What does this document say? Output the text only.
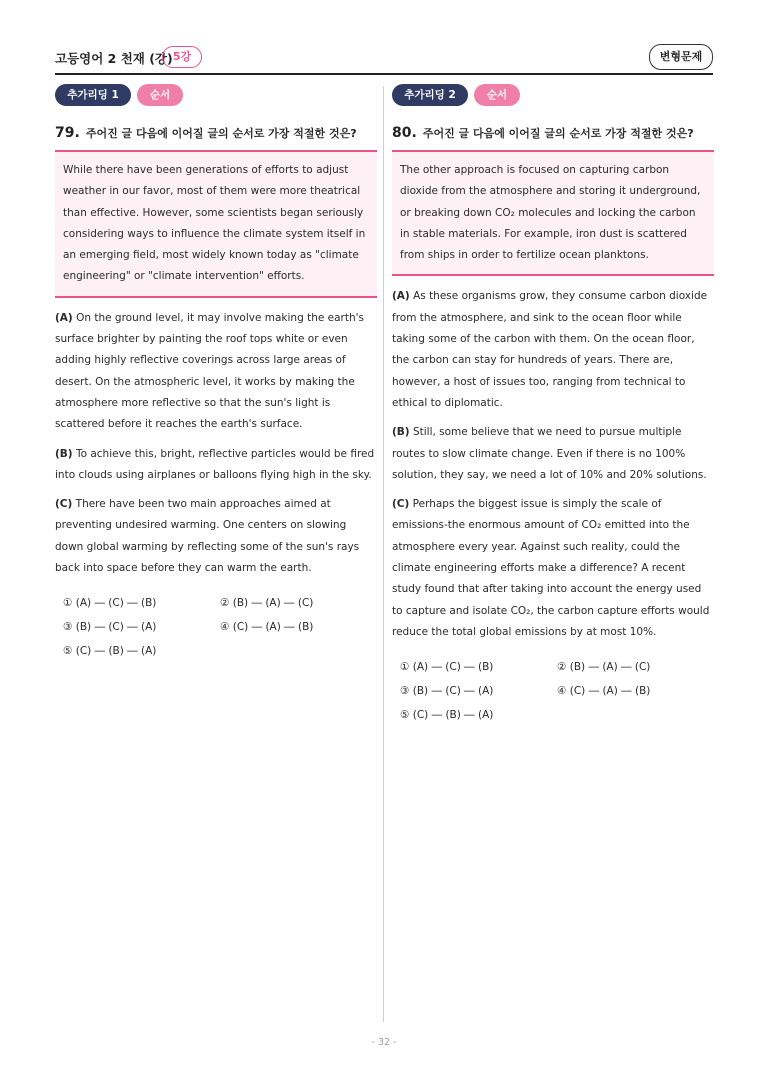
고등영어 2 천재 (강) 5강	변형문제
추가리딩 1	순서
79. 주어진 글 다음에 이어질 글의 순서로 가장 적절한 것은?
While there have been generations of efforts to adjust weather in our favor, most of them were more theatrical than effective. However, some scientists began seriously considering ways to influence the climate system itself in an emerging field, most widely known today as "climate engineering" or "climate intervention" efforts.
(A) On the ground level, it may involve making the earth's surface brighter by painting the roof tops white or even adding highly reflective coverings across large areas of desert. On the atmospheric level, it works by making the atmosphere more reflective so that the sun's light is scattered before it reaches the earth's surface.
(B) To achieve this, bright, reflective particles would be fired into clouds using airplanes or balloons flying high in the sky.
(C) There have been two main approaches aimed at preventing undesired warming. One centers on slowing down global warming by reflecting some of the sun's rays back into space before they can warm the earth.
① (A) ― (C) ― (B)	② (B) ― (A) ― (C)
③ (B) ― (C) ― (A)	④ (C) ― (A) ― (B)
⑤ (C) ― (B) ― (A)
추가리딩 2	순서
80. 주어진 글 다음에 이어질 글의 순서로 가장 적절한 것은?
The other approach is focused on capturing carbon dioxide from the atmosphere and storing it underground, or breaking down CO₂ molecules and locking the carbon in stable materials. For example, iron dust is scattered from ships in order to fertilize ocean planktons.
(A) As these organisms grow, they consume carbon dioxide from the atmosphere, and sink to the ocean floor while taking some of the carbon with them. On the ocean floor, the carbon can stay for hundreds of years. There are, however, a host of issues too, ranging from technical to ethical to diplomatic.
(B) Still, some believe that we need to pursue multiple routes to slow climate change. Even if there is no 100% solution, they say, we need a lot of 10% and 20% solutions.
(C) Perhaps the biggest issue is simply the scale of emissions-the enormous amount of CO₂ emitted into the atmosphere every year. Against such reality, could the climate engineering efforts make a difference? A recent study found that after taking into account the energy used to capture and isolate CO₂, the carbon capture efforts would reduce the total global emissions by at most 10%.
① (A) ― (C) ― (B)	② (B) ― (A) ― (C)
③ (B) ― (C) ― (A)	④ (C) ― (A) ― (B)
⑤ (C) ― (B) ― (A)
- 32 -
